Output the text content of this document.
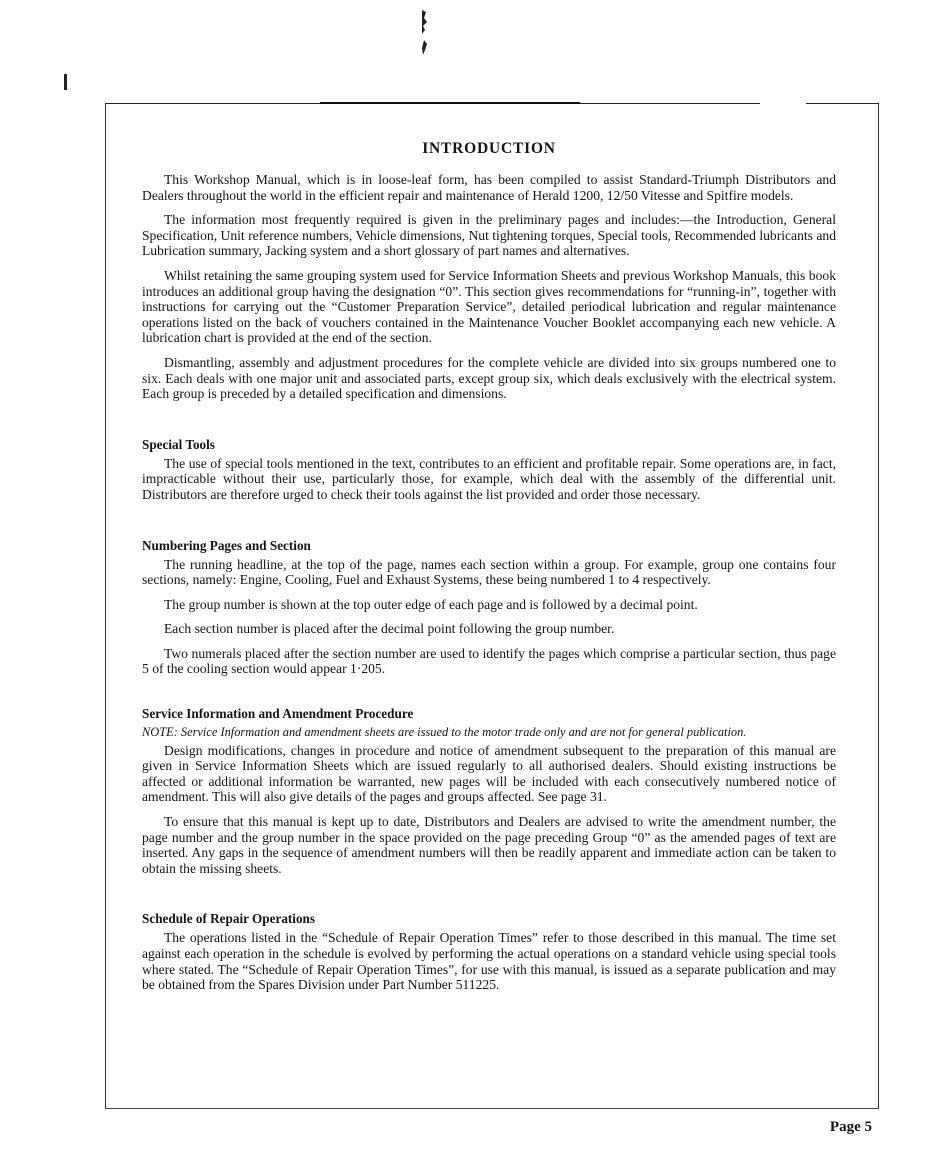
INTRODUCTION

This Workshop Manual, which is in loose-leaf form, has been compiled to assist Standard-Triumph Distributors and Dealers throughout the world in the efficient repair and maintenance of Herald 1200, 12/50 Vitesse and Spitfire models.

The information most frequently required is given in the preliminary pages and includes:—the Introduction, General Specification, Unit reference numbers, Vehicle dimensions, Nut tightening torques, Special tools, Recommended lubricants and Lubrication summary, Jacking system and a short glossary of part names and alternatives.

Whilst retaining the same grouping system used for Service Information Sheets and previous Workshop Manuals, this book introduces an additional group having the designation “0”. This section gives recommendations for “running-in”, together with instructions for carrying out the “Customer Preparation Service”, detailed periodical lubrication and regular maintenance operations listed on the back of vouchers contained in the Maintenance Voucher Booklet accompanying each new vehicle. A lubrication chart is provided at the end of the section.

Dismantling, assembly and adjustment procedures for the complete vehicle are divided into six groups numbered one to six. Each deals with one major unit and associated parts, except group six, which deals exclusively with the electrical system. Each group is preceded by a detailed specification and dimensions.

Special Tools

The use of special tools mentioned in the text, contributes to an efficient and profitable repair. Some operations are, in fact, impracticable without their use, particularly those, for example, which deal with the assembly of the differential unit. Distributors are therefore urged to check their tools against the list provided and order those necessary.

Numbering Pages and Section

The running headline, at the top of the page, names each section within a group. For example, group one contains four sections, namely: Engine, Cooling, Fuel and Exhaust Systems, these being numbered 1 to 4 respectively.

The group number is shown at the top outer edge of each page and is followed by a decimal point.

Each section number is placed after the decimal point following the group number.

Two numerals placed after the section number are used to identify the pages which comprise a particular section, thus page 5 of the cooling section would appear 1·205.

Service Information and Amendment Procedure

NOTE: Service Information and amendment sheets are issued to the motor trade only and are not for general publication.

Design modifications, changes in procedure and notice of amendment subsequent to the preparation of this manual are given in Service Information Sheets which are issued regularly to all authorised dealers. Should existing instructions be affected or additional information be warranted, new pages will be included with each consecutively numbered notice of amendment. This will also give details of the pages and groups affected. See page 31.

To ensure that this manual is kept up to date, Distributors and Dealers are advised to write the amendment number, the page number and the group number in the space provided on the page preceding Group “0” as the amended pages of text are inserted. Any gaps in the sequence of amendment numbers will then be readily apparent and immediate action can be taken to obtain the missing sheets.

Schedule of Repair Operations

The operations listed in the “Schedule of Repair Operation Times” refer to those described in this manual. The time set against each operation in the schedule is evolved by performing the actual operations on a standard vehicle using special tools where stated. The “Schedule of Repair Operation Times”, for use with this manual, is issued as a separate publication and may be obtained from the Spares Division under Part Number 511225.

Page 5
